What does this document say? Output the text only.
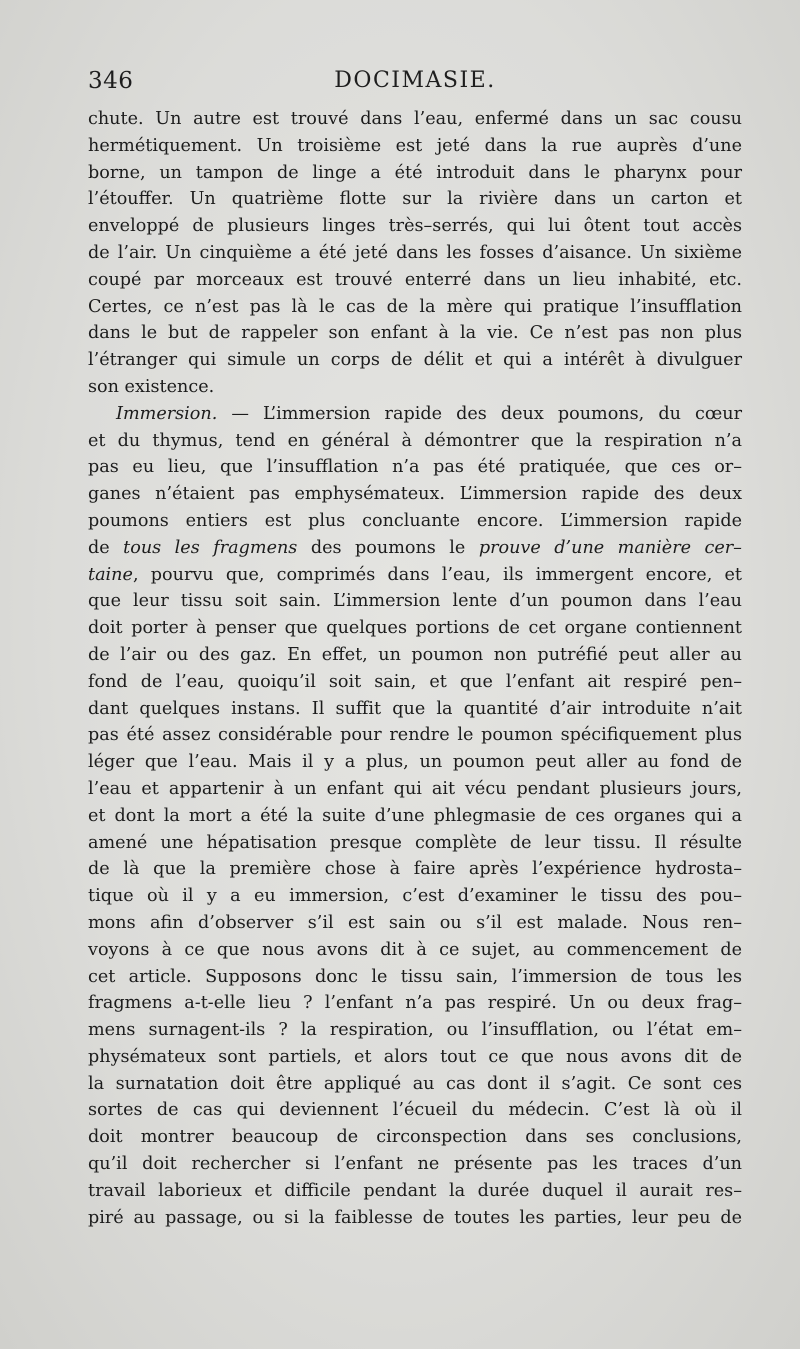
346	DOCIMASIE.
chute. Un autre est trouvé dans l’eau, enfermé dans un sac cousu
hermétiquement. Un troisième est jeté dans la rue auprès d’une
borne, un tampon de linge a été introduit dans le pharynx pour
l’étouffer. Un quatrième flotte sur la rivière dans un carton et
enveloppé de plusieurs linges très–serrés, qui lui ôtent tout accès
de l’air. Un cinquième a été jeté dans les fosses d’aisance. Un sixième
coupé par morceaux est trouvé enterré dans un lieu inhabité, etc.
Certes, ce n’est pas là le cas de la mère qui pratique l’insufflation
dans le but de rappeler son enfant à la vie. Ce n’est pas non plus
l’étranger qui simule un corps de délit et qui a intérêt à divulguer
son existence.
Immersion. — L’immersion rapide des deux poumons, du cœur
et du thymus, tend en général à démontrer que la respiration n’a
pas eu lieu, que l’insufflation n’a pas été pratiquée, que ces or–
ganes n’étaient pas emphysémateux. L’immersion rapide des deux
poumons entiers est plus concluante encore. L’immersion rapide
de tous les fragmens des poumons le prouve d’une manière cer–
taine, pourvu que, comprimés dans l’eau, ils immergent encore, et
que leur tissu soit sain. L’immersion lente d’un poumon dans l’eau
doit porter à penser que quelques portions de cet organe contiennent
de l’air ou des gaz. En effet, un poumon non putréfié peut aller au
fond de l’eau, quoiqu’il soit sain, et que l’enfant ait respiré pen–
dant quelques instans. Il suffit que la quantité d’air introduite n’ait
pas été assez considérable pour rendre le poumon spécifiquement plus
léger que l’eau. Mais il y a plus, un poumon peut aller au fond de
l’eau et appartenir à un enfant qui ait vécu pendant plusieurs jours,
et dont la mort a été la suite d’une phlegmasie de ces organes qui a
amené une hépatisation presque complète de leur tissu. Il résulte
de là que la première chose à faire après l’expérience hydrosta–
tique où il y a eu immersion, c’est d’examiner le tissu des pou–
mons afin d’observer s’il est sain ou s’il est malade. Nous ren–
voyons à ce que nous avons dit à ce sujet, au commencement de
cet article. Supposons donc le tissu sain, l’immersion de tous les
fragmens a-t-elle lieu ? l’enfant n’a pas respiré. Un ou deux frag–
mens surnagent-ils ? la respiration, ou l’insufflation, ou l’état em–
physémateux sont partiels, et alors tout ce que nous avons dit de
la surnatation doit être appliqué au cas dont il s’agit. Ce sont ces
sortes de cas qui deviennent l’écueil du médecin. C’est là où il
doit montrer beaucoup de circonspection dans ses conclusions,
qu’il doit rechercher si l’enfant ne présente pas les traces d’un
travail laborieux et difficile pendant la durée duquel il aurait res–
piré au passage, ou si la faiblesse de toutes les parties, leur peu de
